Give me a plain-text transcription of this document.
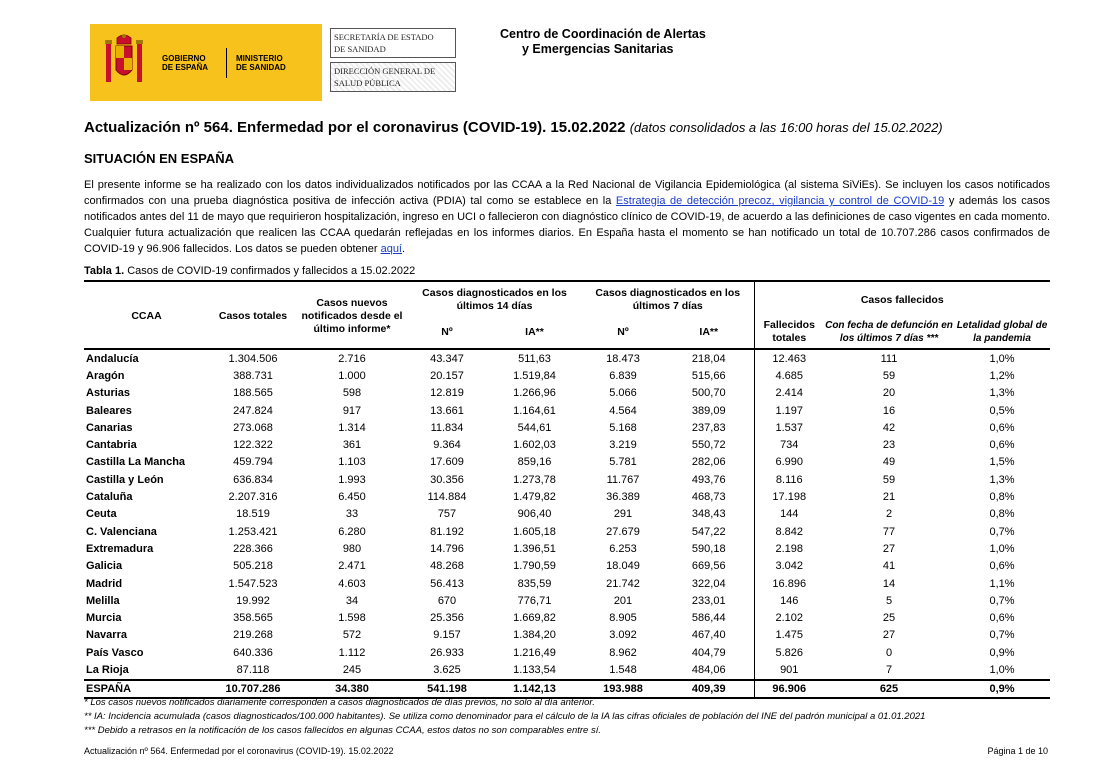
GOBIERNO
DE ESPAÑA
MINISTERIO
DE SANIDAD
SECRETARÍA DE ESTADO
DE SANIDAD
DIRECCIÓN GENERAL DE
SALUD PÚBLICA
Centro de Coordinación de Alertas
y Emergencias Sanitarias
Actualización nº 564. Enfermedad por el coronavirus (COVID-19). 15.02.2022 (datos consolidados a las 16:00 horas del 15.02.2022)
SITUACIÓN EN ESPAÑA
El presente informe se ha realizado con los datos individualizados notificados por las CCAA a la Red Nacional de Vigilancia Epidemiológica (al sistema SiViEs). Se incluyen los casos notificados confirmados con una prueba diagnóstica positiva de infección activa (PDIA) tal como se establece en la Estrategia de detección precoz, vigilancia y control de COVID-19 y además los casos notificados antes del 11 de mayo que requirieron hospitalización, ingreso en UCI o fallecieron con diagnóstico clínico de COVID-19, de acuerdo a las definiciones de caso vigentes en cada momento. Cualquier futura actualización que realicen las CCAA quedarán reflejadas en los informes diarios. En España hasta el momento se han notificado un total de 10.707.286 casos confirmados de COVID-19 y 96.906 fallecidos. Los datos se pueden obtener aquí.
Tabla 1. Casos de COVID-19 confirmados y fallecidos a 15.02.2022
CCAA	Casos totales	Casos nuevos notificados desde el último informe*	Casos diagnosticados en los últimos 14 días		Casos diagnosticados en los últimos 7 días		Casos fallecidos		
			Nº	IA**	Nº	IA**	Fallecidos totales	Con fecha de defunción en los últimos 7 días ***	Letalidad global de la pandemia
Andalucía	1.304.506	2.716	43.347	511,63	18.473	218,04	12.463	111	1,0%
Aragón	388.731	1.000	20.157	1.519,84	6.839	515,66	4.685	59	1,2%
Asturias	188.565	598	12.819	1.266,96	5.066	500,70	2.414	20	1,3%
Baleares	247.824	917	13.661	1.164,61	4.564	389,09	1.197	16	0,5%
Canarias	273.068	1.314	11.834	544,61	5.168	237,83	1.537	42	0,6%
Cantabria	122.322	361	9.364	1.602,03	3.219	550,72	734	23	0,6%
Castilla La Mancha	459.794	1.103	17.609	859,16	5.781	282,06	6.990	49	1,5%
Castilla y León	636.834	1.993	30.356	1.273,78	11.767	493,76	8.116	59	1,3%
Cataluña	2.207.316	6.450	114.884	1.479,82	36.389	468,73	17.198	21	0,8%
Ceuta	18.519	33	757	906,40	291	348,43	144	2	0,8%
C. Valenciana	1.253.421	6.280	81.192	1.605,18	27.679	547,22	8.842	77	0,7%
Extremadura	228.366	980	14.796	1.396,51	6.253	590,18	2.198	27	1,0%
Galicia	505.218	2.471	48.268	1.790,59	18.049	669,56	3.042	41	0,6%
Madrid	1.547.523	4.603	56.413	835,59	21.742	322,04	16.896	14	1,1%
Melilla	19.992	34	670	776,71	201	233,01	146	5	0,7%
Murcia	358.565	1.598	25.356	1.669,82	8.905	586,44	2.102	25	0,6%
Navarra	219.268	572	9.157	1.384,20	3.092	467,40	1.475	27	0,7%
País Vasco	640.336	1.112	26.933	1.216,49	8.962	404,79	5.826	0	0,9%
La Rioja	87.118	245	3.625	1.133,54	1.548	484,06	901	7	1,0%
ESPAÑA	10.707.286	34.380	541.198	1.142,13	193.988	409,39	96.906	625	0,9%
* Los casos nuevos notificados diariamente corresponden a casos diagnosticados de días previos, no solo al día anterior.
** IA: Incidencia acumulada (casos diagnosticados/100.000 habitantes). Se utiliza como denominador para el cálculo de la IA las cifras oficiales de población del INE del padrón municipal a 01.01.2021
*** Debido a retrasos en la notificación de los casos fallecidos en algunas CCAA, estos datos no son comparables entre sí.
Actualización nº 564. Enfermedad por el coronavirus (COVID-19). 15.02.2022	Página 1 de 10
